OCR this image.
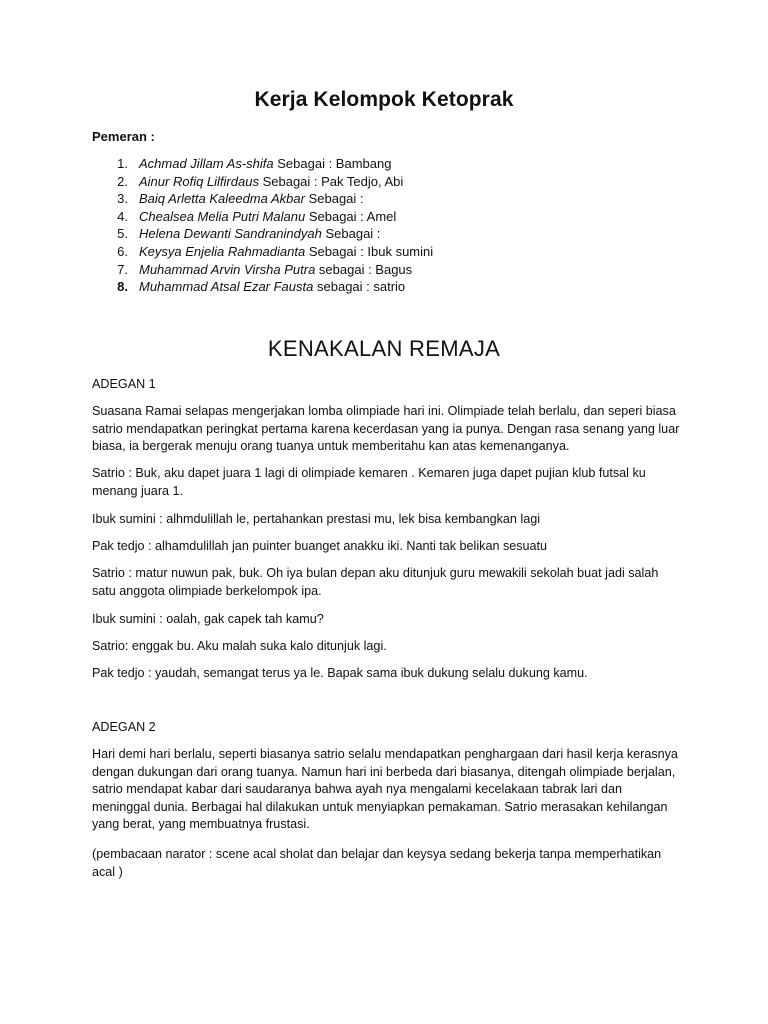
Kerja Kelompok Ketoprak
Pemeran :
1. Achmad Jillam As-shifa Sebagai : Bambang
2. Ainur Rofiq Lilfirdaus Sebagai : Pak Tedjo, Abi
3. Baiq Arletta Kaleedma Akbar Sebagai :
4. Chealsea Melia Putri Malanu Sebagai : Amel
5. Helena Dewanti Sandranindyah Sebagai :
6. Keysya Enjelia Rahmadianta Sebagai : Ibuk sumini
7. Muhammad Arvin Virsha Putra sebagai : Bagus
8. Muhammad Atsal Ezar Fausta sebagai : satrio
KENAKALAN REMAJA

ADEGAN 1

Suasana Ramai selapas mengerjakan lomba olimpiade hari ini. Olimpiade telah berlalu, dan seperi biasa satrio mendapatkan peringkat pertama karena kecerdasan yang ia punya. Dengan rasa senang yang luar biasa, ia bergerak menuju orang tuanya untuk memberitahu kan atas kemenanganya.

Satrio : Buk, aku dapet juara 1 lagi di olimpiade kemaren . Kemaren juga dapet pujian klub futsal ku menang juara 1.

Ibuk sumini : alhmdulillah le, pertahankan prestasi mu, lek bisa kembangkan lagi

Pak tedjo : alhamdulillah jan puinter buanget anakku iki. Nanti tak belikan sesuatu

Satrio : matur nuwun pak, buk. Oh iya bulan depan aku ditunjuk guru mewakili sekolah buat jadi salah satu anggota olimpiade berkelompok ipa.

Ibuk sumini : oalah, gak capek tah kamu?

Satrio: enggak bu. Aku malah suka kalo ditunjuk lagi.

Pak tedjo : yaudah, semangat terus ya le. Bapak sama ibuk dukung selalu dukung kamu.

ADEGAN 2

Hari demi hari berlalu, seperti biasanya satrio selalu mendapatkan penghargaan dari hasil kerja kerasnya dengan dukungan dari orang tuanya. Namun hari ini berbeda dari biasanya, ditengah olimpiade berjalan, satrio mendapat kabar dari saudaranya bahwa ayah nya mengalami kecelakaan tabrak lari dan meninggal dunia. Berbagai hal dilakukan untuk menyiapkan pemakaman. Satrio merasakan kehilangan yang berat, yang membuatnya frustasi.

(pembacaan narator : scene acal sholat dan belajar dan keysya sedang bekerja tanpa memperhatikan acal )
